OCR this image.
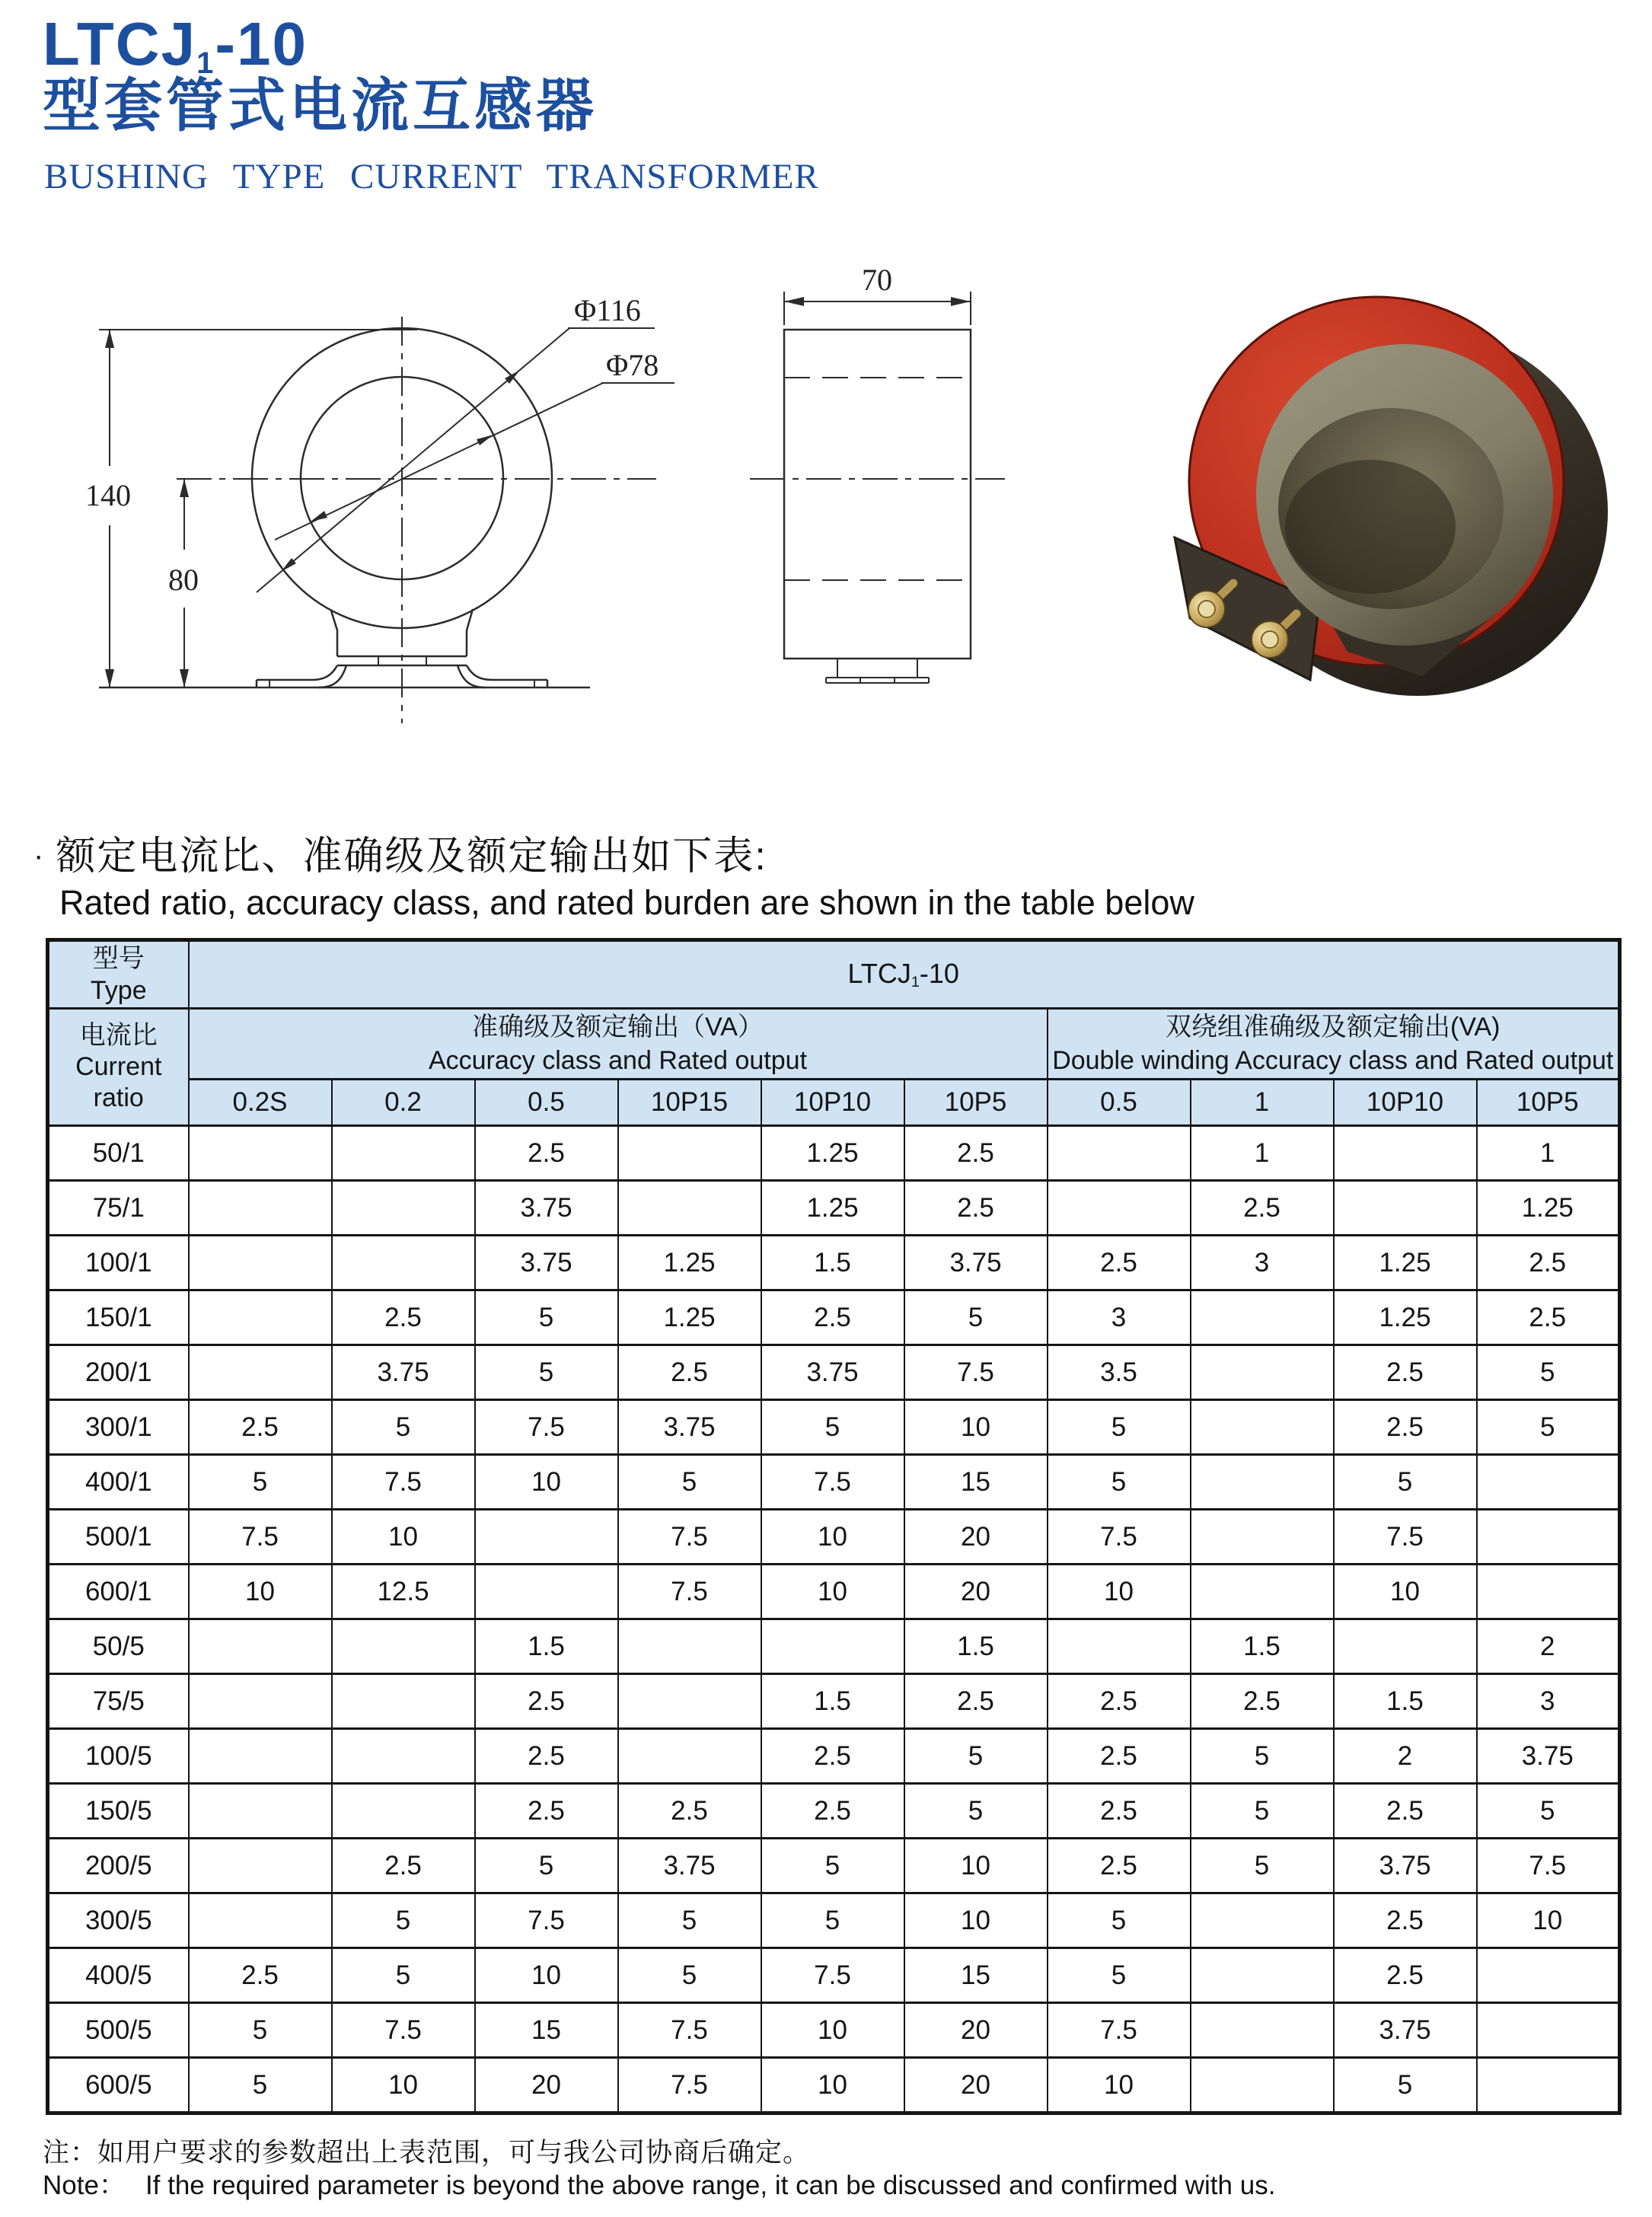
$LTCJ_1-10$
型套管式电流互感器
BUSHING TYPE CURRENT TRANSFORMER
140
80
Φ116
Φ78
70
· 额定电流比、准确级及额定输出如下表:
Rated ratio, accuracy class, and rated burden are shown in the table below
型号
Type	$LTCJ_1-10$									

电流比
Current
ratio	准确级及额定输出（VA）
Accuracy class and Rated output						双绕组准确级及额定输出(VA)
Double winding Accuracy class and Rated output			

	0.2S	0.2	0.5	10P15	10P10	10P5	0.5	1	10P10	10P5
50/1			2.5		1.25	2.5		1		1
75/1			3.75		1.25	2.5		2.5		1.25
100/1			3.75	1.25	1.5	3.75	2.5	3	1.25	2.5
150/1		2.5	5	1.25	2.5	5	3		1.25	2.5
200/1		3.75	5	2.5	3.75	7.5	3.5		2.5	5
300/1	2.5	5	7.5	3.75	5	10	5		2.5	5
400/1	5	7.5	10	5	7.5	15	5		5	
500/1	7.5	10		7.5	10	20	7.5		7.5	
600/1	10	12.5		7.5	10	20	10		10	
50/5			1.5			1.5		1.5		2
75/5			2.5		1.5	2.5	2.5	2.5	1.5	3
100/5			2.5		2.5	5	2.5	5	2	3.75
150/5			2.5	2.5	2.5	5	2.5	5	2.5	5
200/5		2.5	5	3.75	5	10	2.5	5	3.75	7.5
300/5		5	7.5	5	5	10	5		2.5	10
400/5	2.5	5	10	5	7.5	15	5		2.5	
500/5	5	7.5	15	7.5	10	20	7.5		3.75	
600/5	5	10	20	7.5	10	20	10		5	
注：如用户要求的参数超出上表范围，可与我公司协商后确定。
Note： If the required parameter is beyond the above range, it can be discussed and confirmed with us.
